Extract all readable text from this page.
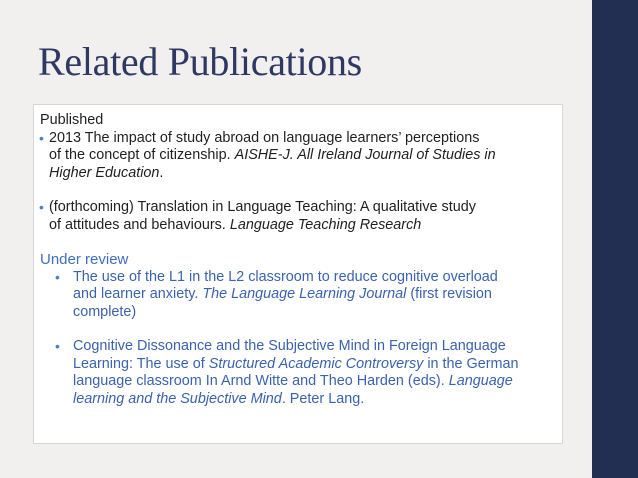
Related Publications

Published

• 2013 The impact of study abroad on language learners’ perceptions
of the concept of citizenship. AISHE-J. All Ireland Journal of Studies in
Higher Education.
• (forthcoming) Translation in Language Teaching: A qualitative study
of attitudes and behaviours. Language Teaching Research

Under review

• The use of the L1 in the L2 classroom to reduce cognitive overload
and learner anxiety. The Language Learning Journal (first revision
complete)
• Cognitive Dissonance and the Subjective Mind in Foreign Language
Learning: The use of Structured Academic Controversy in the German
language classroom In Arnd Witte and Theo Harden (eds). Language
learning and the Subjective Mind. Peter Lang.
